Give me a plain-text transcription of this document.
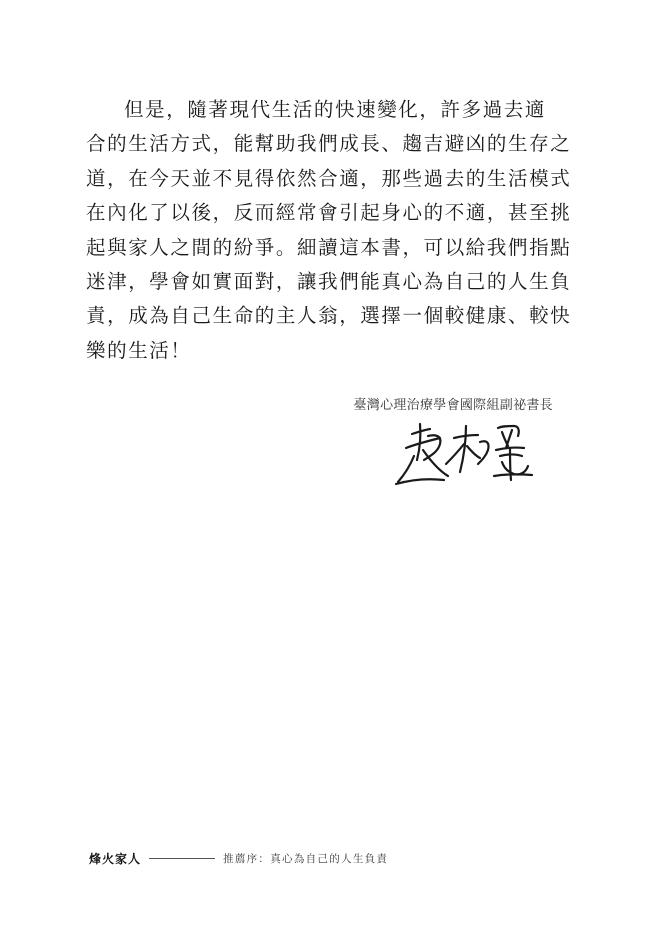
但是，隨著現代生活的快速變化，許多過去適
合的生活方式，能幫助我們成長、趨吉避凶的生存之
道，在今天並不見得依然合適，那些過去的生活模式
在內化了以後，反而經常會引起身心的不適，甚至挑
起與家人之間的紛爭。細讀這本書，可以給我們指點
迷津，學會如實面對，讓我們能真心為自己的人生負
責，成為自己生命的主人翁，選擇一個較健康、較快
樂的生活！

臺灣心理治療學會國際組副祕書長
烽火家人	推薦序：真心為自己的人生負責
